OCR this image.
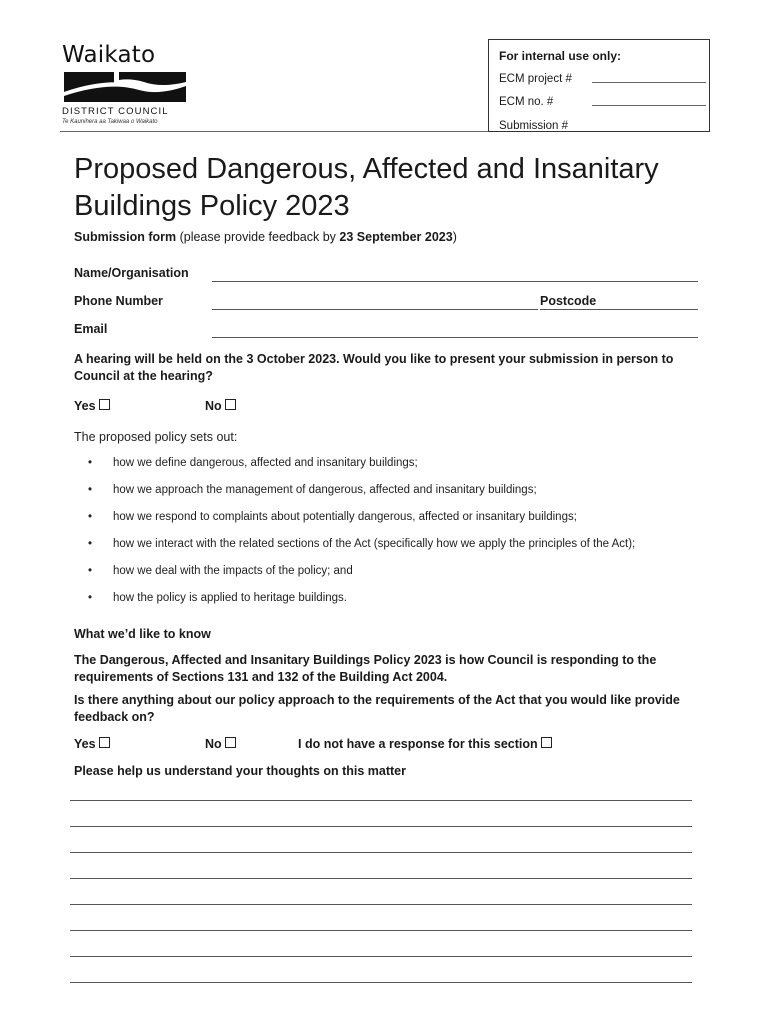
Waikato
DISTRICT COUNCIL
Te Kaunihera aa Takiwaa o Waikato
For internal use only:
ECM project #
ECM no. #
Submission #
Proposed Dangerous, Affected and Insanitary Buildings Policy 2023
Submission form (please provide feedback by 23 September 2023)
Name/Organisation
Phone Number	Postcode
Email
A hearing will be held on the 3 October 2023. Would you like to present your submission in person to Council at the hearing?
Yes	No
The proposed policy sets out:
• how we define dangerous, affected and insanitary buildings;
• how we approach the management of dangerous, affected and insanitary buildings;
• how we respond to complaints about potentially dangerous, affected or insanitary buildings;
• how we interact with the related sections of the Act (specifically how we apply the principles of the Act);
• how we deal with the impacts of the policy; and
• how the policy is applied to heritage buildings.
What we’d like to know
The Dangerous, Affected and Insanitary Buildings Policy 2023 is how Council is responding to the requirements of Sections 131 and 132 of the Building Act 2004.
Is there anything about our policy approach to the requirements of the Act that you would like provide feedback on?
Yes	No	I do not have a response for this section
Please help us understand your thoughts on this matter
